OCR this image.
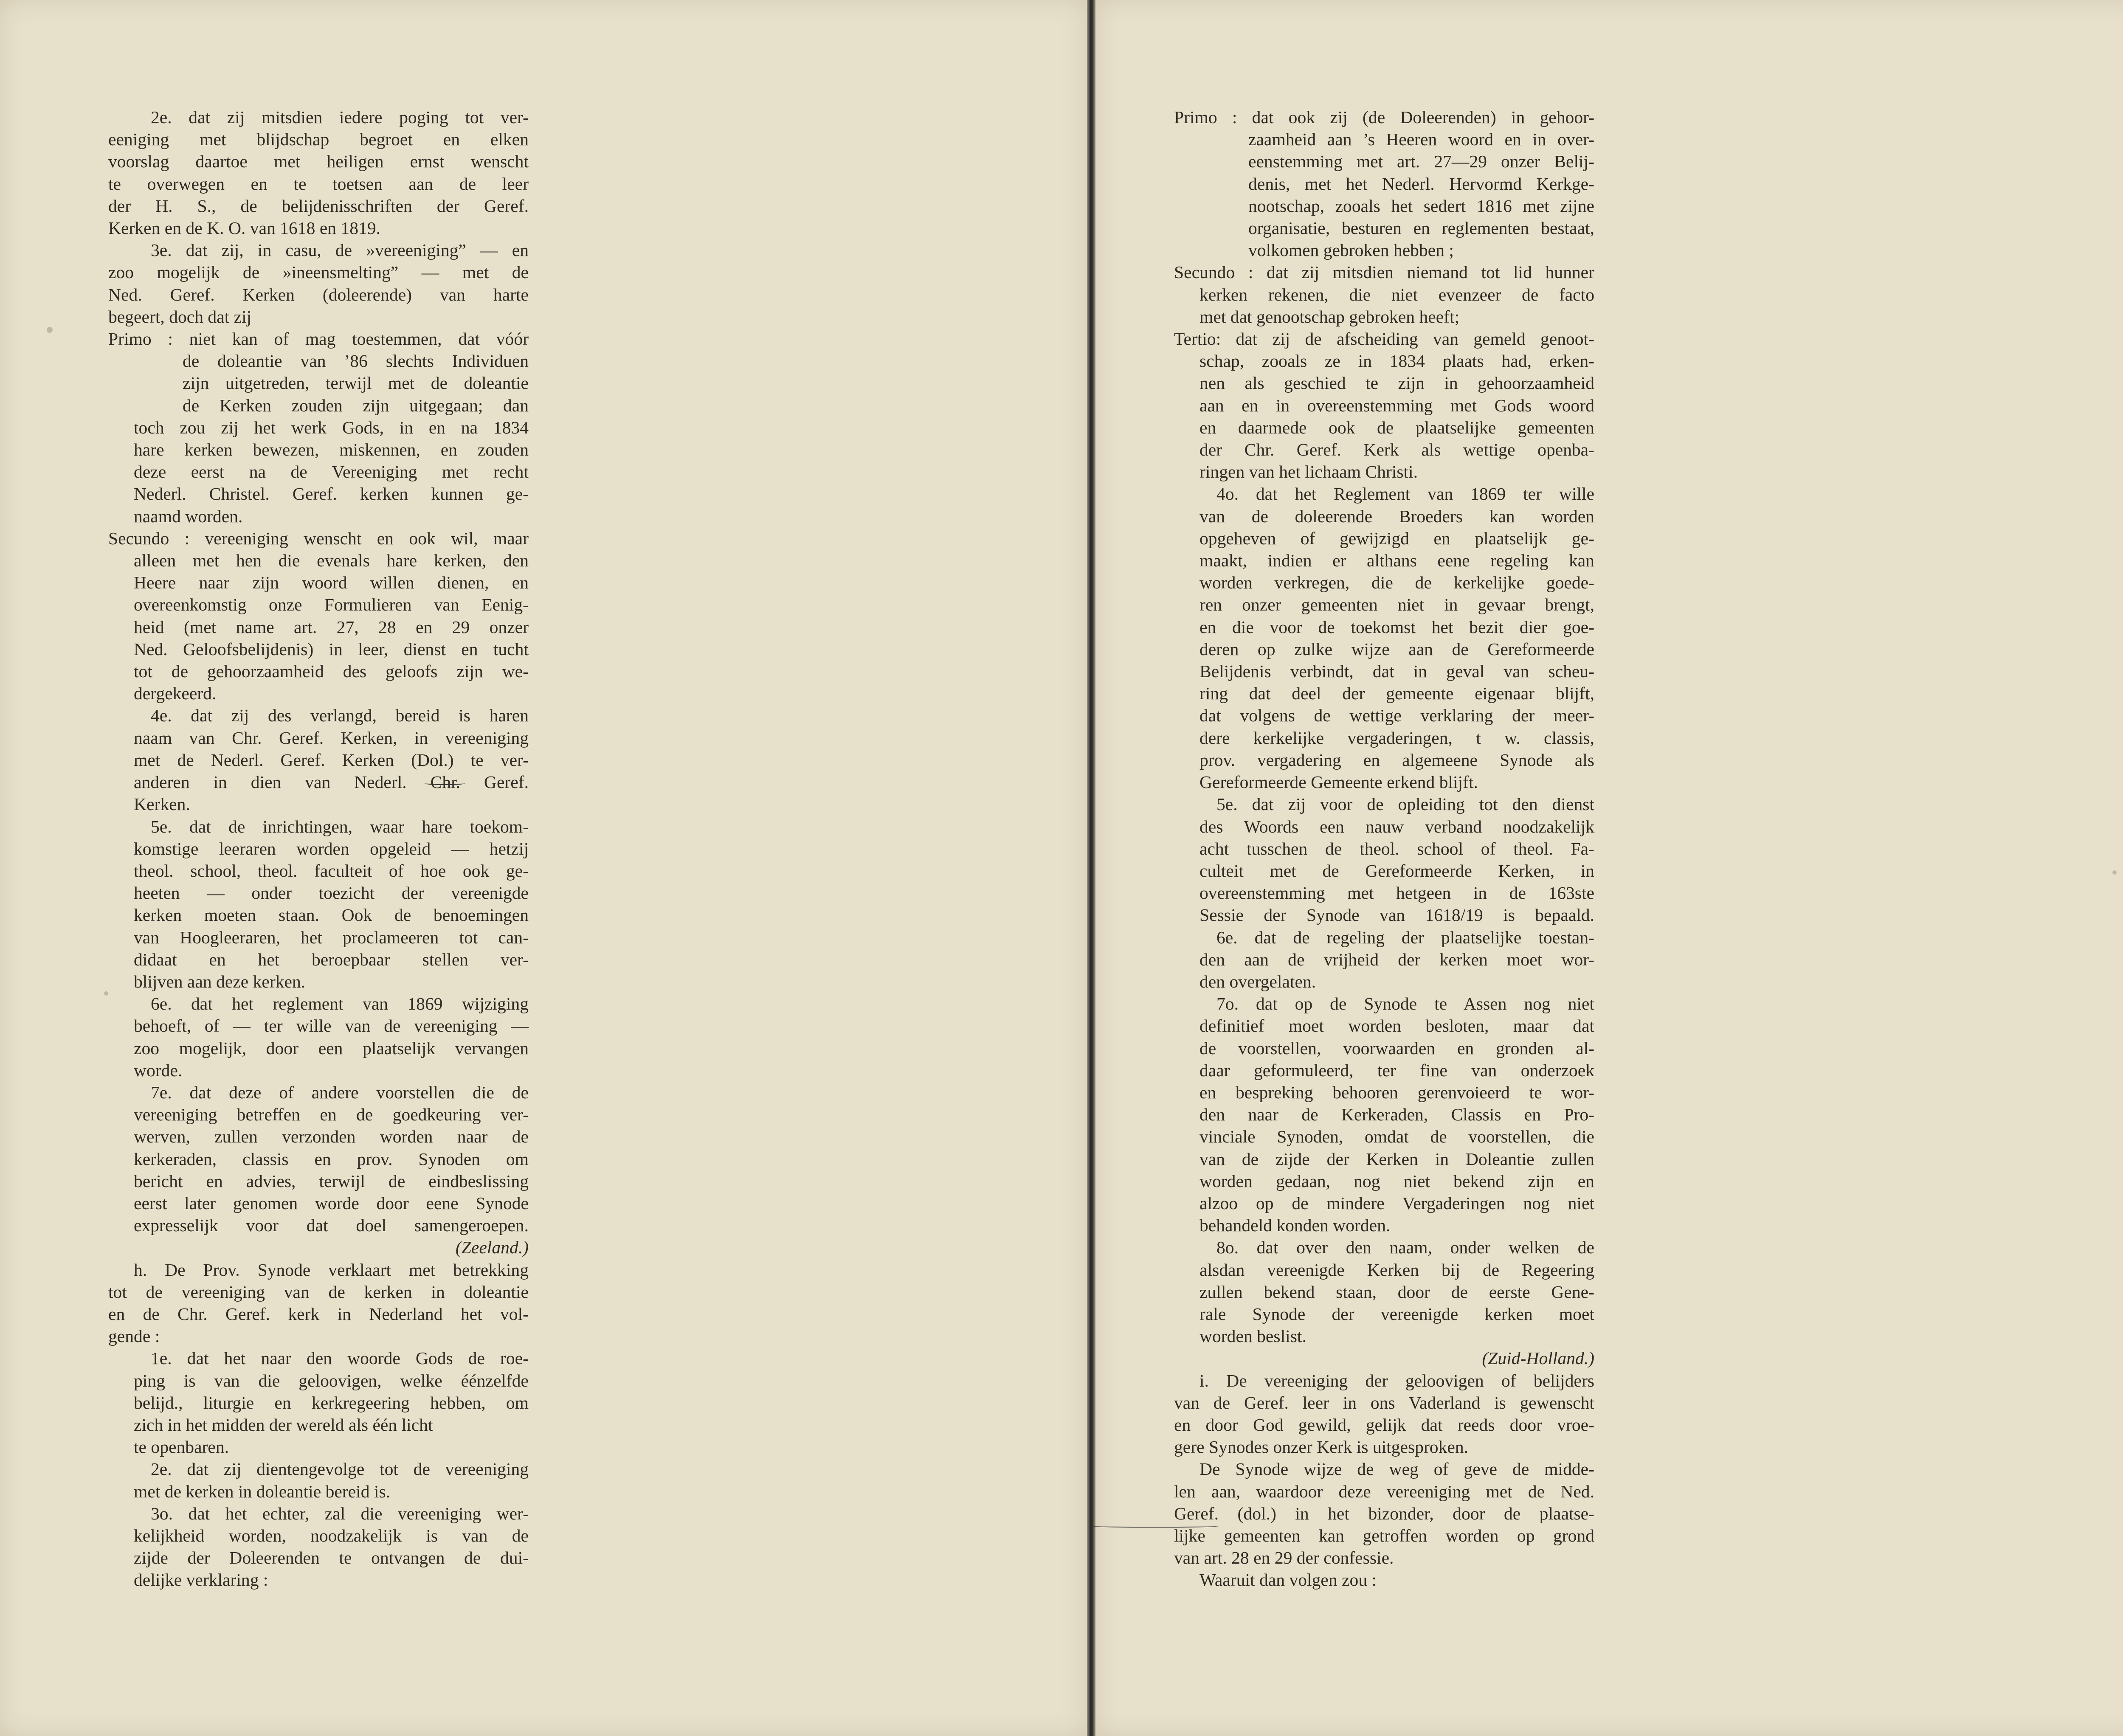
2e. dat zij mitsdien iedere poging tot ver-
eeniging met blijdschap begroet en elken
voorslag daartoe met heiligen ernst wenscht
te overwegen en te toetsen aan de leer
der H. S., de belijdenisschriften der Geref.
Kerken en de K. O. van 1618 en 1819.
3e. dat zij, in casu, de »vereeniging” — en
zoo mogelijk de »ineensmelting” — met de
Ned. Geref. Kerken (doleerende) van harte
begeert, doch dat zij
Primo : niet kan of mag toestemmen, dat vóór
de doleantie van ’86 slechts Individuen
zijn uitgetreden, terwijl met de doleantie
de Kerken zouden zijn uitgegaan; dan
toch zou zij het werk Gods, in en na 1834
hare kerken bewezen, miskennen, en zouden
deze eerst na de Vereeniging met recht
Nederl. Christel. Geref. kerken kunnen ge-
naamd worden.
Secundo : vereeniging wenscht en ook wil, maar
alleen met hen die evenals hare kerken, den
Heere naar zijn woord willen dienen, en
overeenkomstig onze Formulieren van Eenig-
heid (met name art. 27, 28 en 29 onzer
Ned. Geloofsbelijdenis) in leer, dienst en tucht
tot de gehoorzaamheid des geloofs zijn we-
dergekeerd.
4e. dat zij des verlangd, bereid is haren
naam van Chr. Geref. Kerken, in vereeniging
met de Nederl. Geref. Kerken (Dol.) te ver-
anderen in dien van Nederl. Chr. Geref.
Kerken.
5e. dat de inrichtingen, waar hare toekom-
komstige leeraren worden opgeleid — hetzij
theol. school, theol. faculteit of hoe ook ge-
heeten — onder toezicht der vereenigde
kerken moeten staan. Ook de benoemingen
van Hoogleeraren, het proclameeren tot can-
didaat en het beroepbaar stellen ver-
blijven aan deze kerken.
6e. dat het reglement van 1869 wijziging
behoeft, of — ter wille van de vereeniging —
zoo mogelijk, door een plaatselijk vervangen
worde.
7e. dat deze of andere voorstellen die de
vereeniging betreffen en de goedkeuring ver-
werven, zullen verzonden worden naar de
kerkeraden, classis en prov. Synoden om
bericht en advies, terwijl de eindbeslissing
eerst later genomen worde door eene Synode
expresselijk voor dat doel samengeroepen.
(Zeeland.)
h. De Prov. Synode verklaart met betrekking
tot de vereeniging van de kerken in doleantie
en de Chr. Geref. kerk in Nederland het vol-
gende :
1e. dat het naar den woorde Gods de roe-
ping is van die geloovigen, welke éénzelfde
belijd., liturgie en kerkregeering hebben, om
zich in het midden der wereld als één licht
te openbaren.
2e. dat zij dientengevolge tot de vereeniging
met de kerken in doleantie bereid is.
3o. dat het echter, zal die vereeniging wer-
kelijkheid worden, noodzakelijk is van de
zijde der Doleerenden te ontvangen de dui-
delijke verklaring :
Primo : dat ook zij (de Doleerenden) in gehoor-
zaamheid aan ’s Heeren woord en in over-
eenstemming met art. 27—29 onzer Belij-
denis, met het Nederl. Hervormd Kerkge-
nootschap, zooals het sedert 1816 met zijne
organisatie, besturen en reglementen bestaat,
volkomen gebroken hebben ;
Secundo : dat zij mitsdien niemand tot lid hunner
kerken rekenen, die niet evenzeer de facto
met dat genootschap gebroken heeft;
Tertio: dat zij de afscheiding van gemeld genoot-
schap, zooals ze in 1834 plaats had, erken-
nen als geschied te zijn in gehoorzaamheid
aan en in overeenstemming met Gods woord
en daarmede ook de plaatselijke gemeenten
der Chr. Geref. Kerk als wettige openba-
ringen van het lichaam Christi.
4o. dat het Reglement van 1869 ter wille
van de doleerende Broeders kan worden
opgeheven of gewijzigd en plaatselijk ge-
maakt, indien er althans eene regeling kan
worden verkregen, die de kerkelijke goede-
ren onzer gemeenten niet in gevaar brengt,
en die voor de toekomst het bezit dier goe-
deren op zulke wijze aan de Gereformeerde
Belijdenis verbindt, dat in geval van scheu-
ring dat deel der gemeente eigenaar blijft,
dat volgens de wettige verklaring der meer-
dere kerkelijke vergaderingen, t w. classis,
prov. vergadering en algemeene Synode als
Gereformeerde Gemeente erkend blijft.
5e. dat zij voor de opleiding tot den dienst
des Woords een nauw verband noodzakelijk
acht tusschen de theol. school of theol. Fa-
culteit met de Gereformeerde Kerken, in
overeenstemming met hetgeen in de 163ste
Sessie der Synode van 1618/19 is bepaald.
6e. dat de regeling der plaatselijke toestan-
den aan de vrijheid der kerken moet wor-
den overgelaten.
7o. dat op de Synode te Assen nog niet
definitief moet worden besloten, maar dat
de voorstellen, voorwaarden en gronden al-
daar geformuleerd, ter fine van onderzoek
en bespreking behooren gerenvoieerd te wor-
den naar de Kerkeraden, Classis en Pro-
vinciale Synoden, omdat de voorstellen, die
van de zijde der Kerken in Doleantie zullen
worden gedaan, nog niet bekend zijn en
alzoo op de mindere Vergaderingen nog niet
behandeld konden worden.
8o. dat over den naam, onder welken de
alsdan vereenigde Kerken bij de Regeering
zullen bekend staan, door de eerste Gene-
rale Synode der vereenigde kerken moet
worden beslist.
(Zuid-Holland.)
i. De vereeniging der geloovigen of belijders
van de Geref. leer in ons Vaderland is gewenscht
en door God gewild, gelijk dat reeds door vroe-
gere Synodes onzer Kerk is uitgesproken.
De Synode wijze de weg of geve de midde-
len aan, waardoor deze vereeniging met de Ned.
Geref. (dol.) in het bizonder, door de plaatse-
lijke gemeenten kan getroffen worden op grond
van art. 28 en 29 der confessie.
Waaruit dan volgen zou :
